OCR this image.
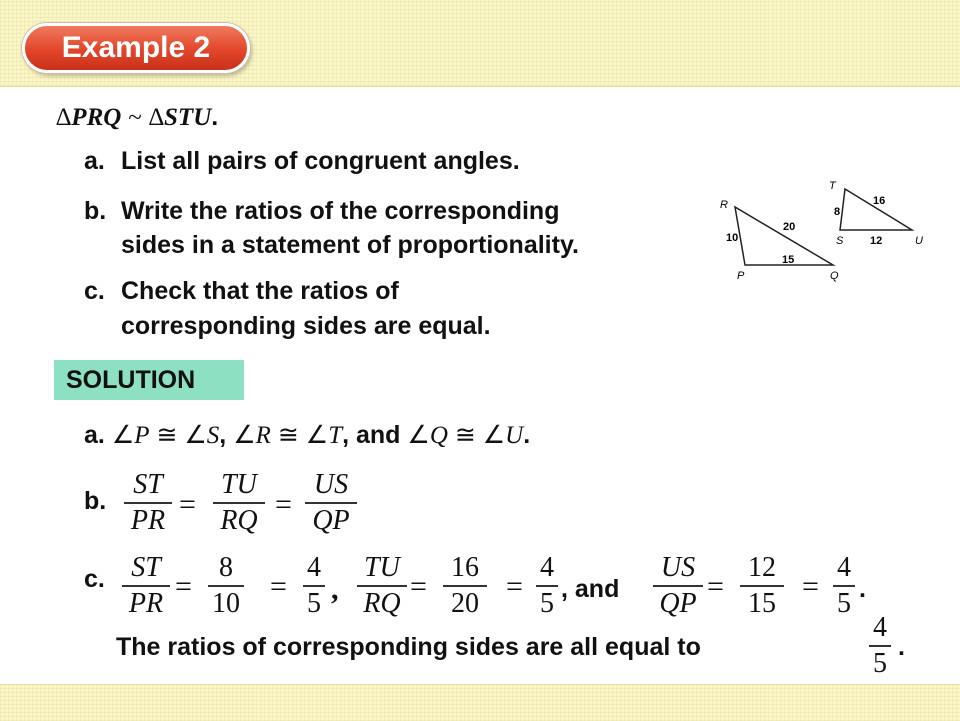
Example 2
∆PRQ ~ ∆STU.
a. List all pairs of congruent angles.
b. Write the ratios of the corresponding
sides in a statement of proportionality.
c. Check that the ratios of
corresponding sides are equal.
R
P	Q
20
10
15
T
S	U
16
8
12
SOLUTION
a. ∠P ≅ ∠S, ∠R ≅ ∠T, and ∠Q ≅ ∠U.
b.
ST
PR =
TU
RQ =
US
QP
c. ST
PR =
8
10 =
4
5 ,
TU
RQ =
16
20 =
4
5 , and
US
QP =
12
15 =
4
5 .
The ratios of corresponding sides are all equal to
4
5
.
